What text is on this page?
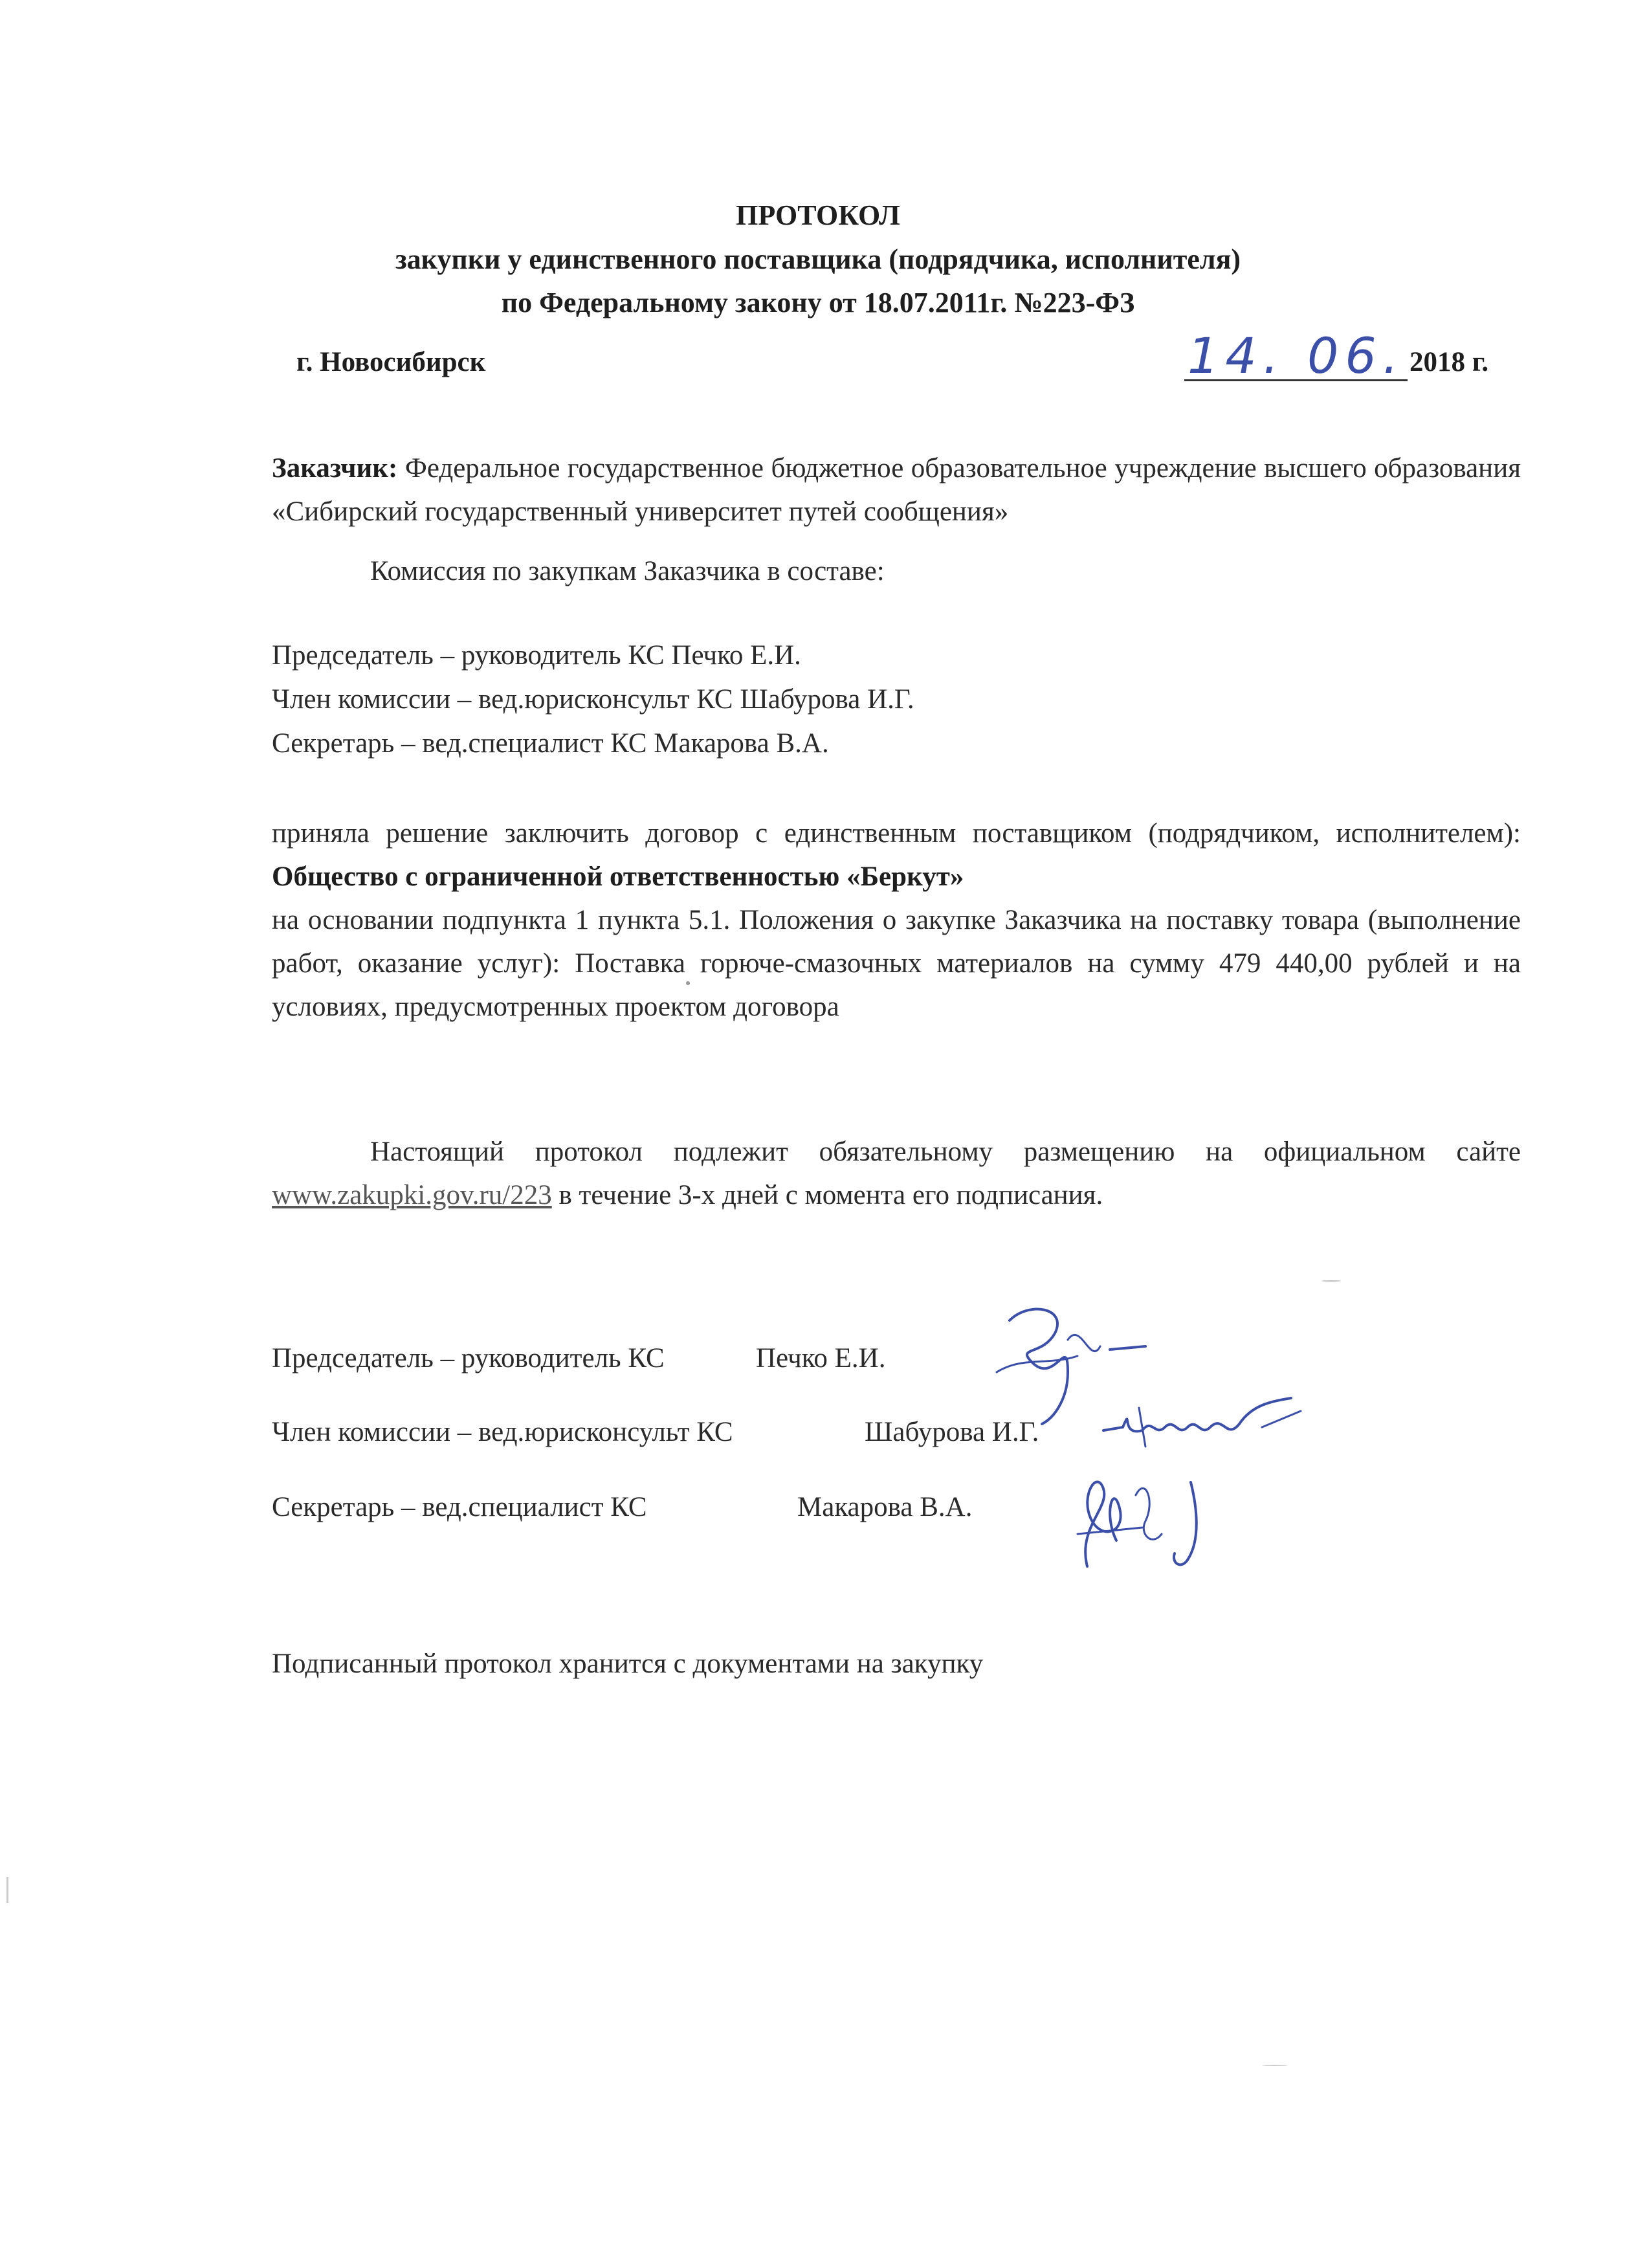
ПРОТОКОЛ
закупки у единственного поставщика (подрядчика, исполнителя)
по Федеральному закону от 18.07.2011г. №223-ФЗ
г. Новосибирск	14. 06. 2018 г.
Заказчик: Федеральное государственное бюджетное образовательное учреждение высшего образования «Сибирский государственный университет путей сообщения»
Комиссия по закупкам Заказчика в составе:
Председатель – руководитель КС Печко Е.И.
Член комиссии – вед.юрисконсульт КС Шабурова И.Г.
Секретарь – вед.специалист КС Макарова В.А.
приняла решение заключить договор с единственным поставщиком (подрядчиком, исполнителем): Общество с ограниченной ответственностью «Беркут»
на основании подпункта 1 пункта 5.1. Положения о закупке Заказчика на поставку товара (выполнение работ, оказание услуг): Поставка горюче-смазочных материалов на сумму 479 440,00 рублей и на условиях, предусмотренных проектом договора
Настоящий протокол подлежит обязательному размещению на официальном сайте www.zakupki.gov.ru/223 в течение 3-х дней с момента его подписания.
Председатель – руководитель КС	Печко Е.И.
Член комиссии – вед.юрисконсульт КС	Шабурова И.Г.
Секретарь – вед.специалист КС	Макарова В.А.
Подписанный протокол хранится с документами на закупку
